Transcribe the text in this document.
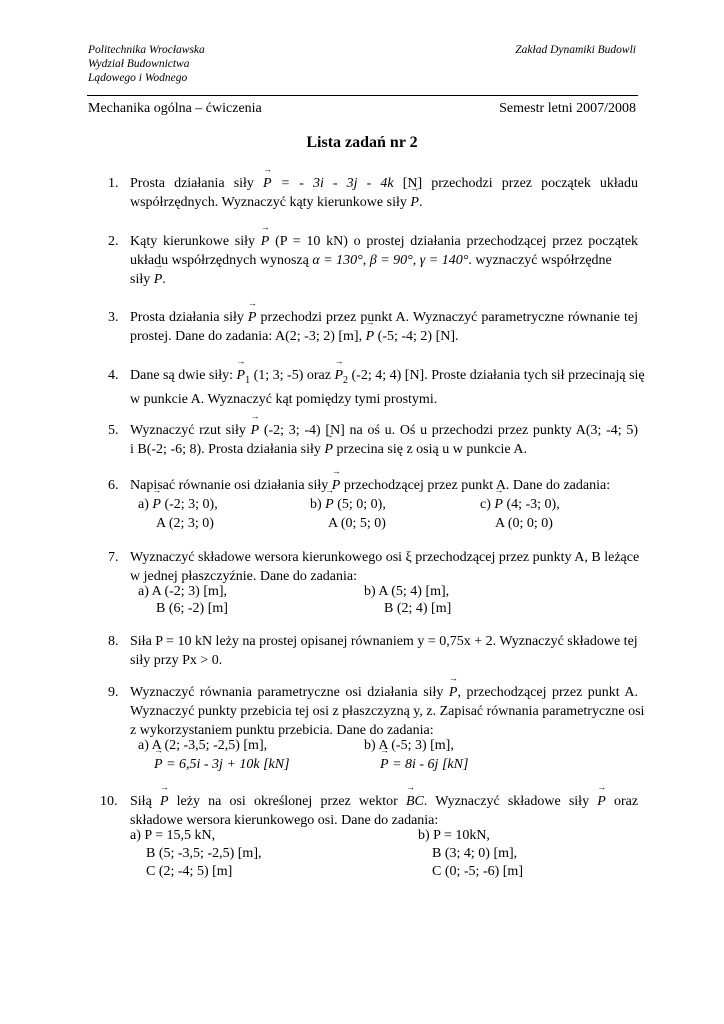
Politechnika Wrocławska
Wydział Budownictwa
Lądowego i Wodnego
Zakład Dynamiki Budowli
Mechanika ogólna – ćwiczenia	Semestr letni 2007/2008
Lista zadań nr 2
1. Prosta działania siły → P = - 3i - 3j - 4k [N] przechodzi przez początek układu
współrzędnych. Wyznaczyć kąty kierunkowe siły → P.
2. Kąty kierunkowe siły → P (P = 10 kN) o prostej działania przechodzącej przez początek
układu współrzędnych wynoszą α = 130°, β = 90°, γ = 140°. wyznaczyć współrzędne
siły → P.
3. Prosta działania siły → P przechodzi przez punkt A. Wyznaczyć parametryczne równanie tej
prostej. Dane do zadania: A(2; -3; 2) [m], → P (-5; -4; 2) [N].
4. Dane są dwie siły: → $P_1$ (1; 3; -5) oraz → $P_2$ (-2; 4; 4) [N]. Proste działania tych sił przecinają się
w punkcie A. Wyznaczyć kąt pomiędzy tymi prostymi.
5. Wyznaczyć rzut siły → P (-2; 3; -4) [N] na oś u. Oś u przechodzi przez punkty A(3; -4; 5)
i B(-2; -6; 8). Prosta działania siły → P przecina się z osią u w punkcie A.
6. Napisać równanie osi działania siły → P przechodzącej przez punkt A. Dane do zadania:
a) → P (-2; 3; 0),
A (2; 3; 0)
b) → P (5; 0; 0),
A (0; 5; 0)
c) → P (4; -3; 0),
A (0; 0; 0)
7. Wyznaczyć składowe wersora kierunkowego osi ξ przechodzącej przez punkty A, B leżące
w jednej płaszczyźnie. Dane do zadania:
a) A (-2; 3) [m],
B (6; -2) [m]
b) A (5; 4) [m],
B (2; 4) [m]
8. Siła P = 10 kN leży na prostej opisanej równaniem y = 0,75x + 2. Wyznaczyć składowe tej
siły przy Px > 0.
9. Wyznaczyć równania parametryczne osi działania siły → P, przechodzącej przez punkt A.
Wyznaczyć punkty przebicia tej osi z płaszczyzną y, z. Zapisać równania parametryczne osi
z wykorzystaniem punktu przebicia. Dane do zadania:
a) A (2; -3,5; -2,5) [m],
→ P = 6,5i - 3j + 10k [kN]
b) A (-5; 3) [m],
→ P = 8i - 6j [kN]
10. Siłą → P leży na osi określonej przez wektor → BC. Wyznaczyć składowe siły → P oraz
składowe wersora kierunkowego osi. Dane do zadania:
a) P = 15,5 kN,
B (5; -3,5; -2,5) [m],
C (2; -4; 5) [m]
b) P = 10kN,
B (3; 4; 0) [m],
C (0; -5; -6) [m]
